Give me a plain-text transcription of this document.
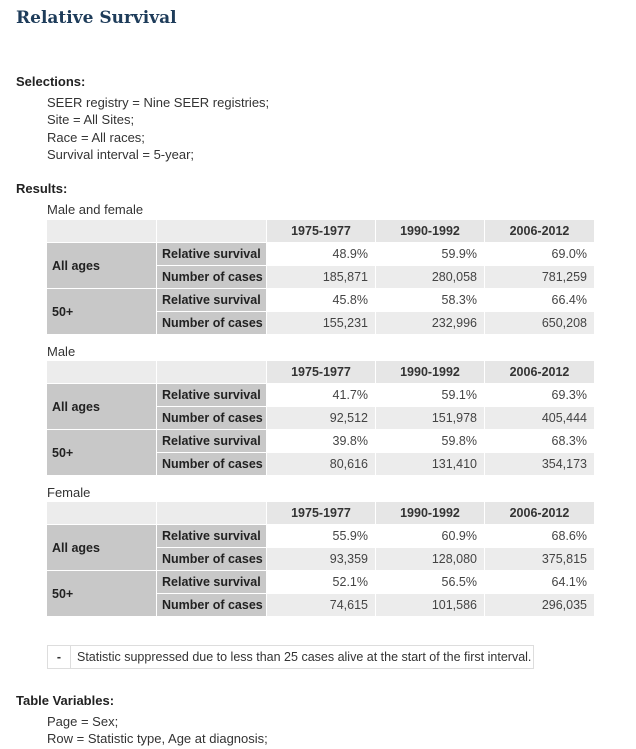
Relative Survival
Selections:
SEER registry = Nine SEER registries;
Site = All Sites;
Race = All races;
Survival interval = 5-year;
Results:
Male and female
		1975-1977	1990-1992	2006-2012
All ages	Relative survival	48.9%	59.9%	69.0%
	Number of cases	185,871	280,058	781,259
50+	Relative survival	45.8%	58.3%	66.4%
	Number of cases	155,231	232,996	650,208
Male
		1975-1977	1990-1992	2006-2012
All ages	Relative survival	41.7%	59.1%	69.3%
	Number of cases	92,512	151,978	405,444
50+	Relative survival	39.8%	59.8%	68.3%
	Number of cases	80,616	131,410	354,173
Female
		1975-1977	1990-1992	2006-2012
All ages	Relative survival	55.9%	60.9%	68.6%
	Number of cases	93,359	128,080	375,815
50+	Relative survival	52.1%	56.5%	64.1%
	Number of cases	74,615	101,586	296,035
-	Statistic suppressed due to less than 25 cases alive at the start of the first interval.
Table Variables:
Page = Sex;
Row = Statistic type, Age at diagnosis;
